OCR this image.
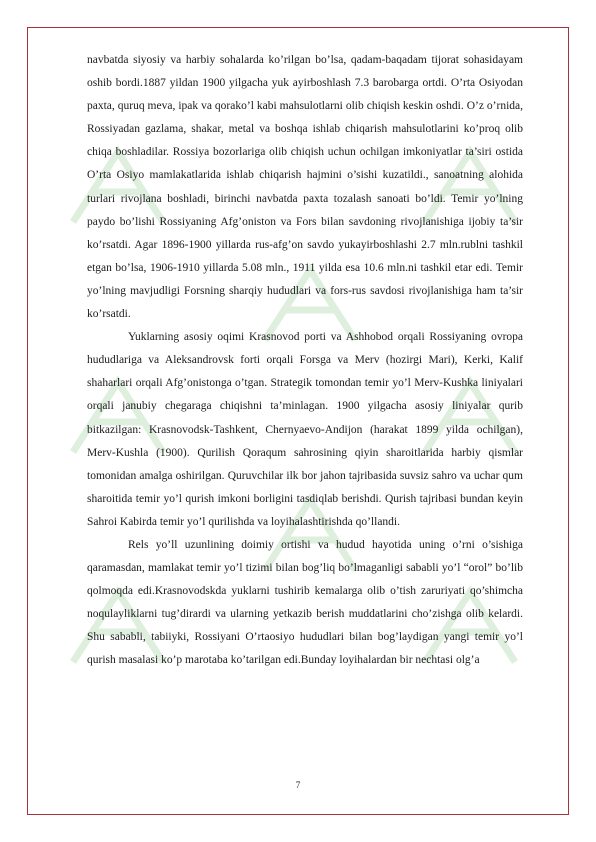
navbatda siyosiy va harbiy sohalarda ko’rilgan bo’lsa, qadam-baqadam tijorat sohasidayam oshib bordi.1887 yildan 1900 yilgacha yuk ayirboshlash 7.3 barobarga ortdi. O’rta Osiyodan paxta, quruq meva, ipak va qorako’l kabi mahsulotlarni olib chiqish keskin oshdi. O’z o’rnida, Rossiyadan gazlama, shakar, metal va boshqa ishlab chiqarish mahsulotlarini ko’proq olib chiqa boshladilar. Rossiya bozorlariga olib chiqish uchun ochilgan imkoniyatlar ta’siri ostida O’rta Osiyo mamlakatlarida ishlab chiqarish hajmini o’sishi kuzatildi., sanoatning alohida turlari rivojlana boshladi, birinchi navbatda paxta tozalash sanoati bo’ldi. Temir yo’lning paydo bo’lishi Rossiyaning Afg’oniston va Fors bilan savdoning rivojlanishiga ijobiy ta’sir ko’rsatdi. Agar 1896-1900 yillarda rus-afg’on savdo yukayirboshlashi 2.7 mln.rublni tashkil etgan bo’lsa, 1906-1910 yillarda 5.08 mln., 1911 yilda esa 10.6 mln.ni tashkil etar edi. Temir yo’lning mavjudligi Forsning sharqiy hududlari va fors-rus savdosi rivojlanishiga ham ta’sir ko’rsatdi.

Yuklarning asosiy oqimi Krasnovod porti va Ashhobod orqali Rossiyaning ovropa hududlariga va Aleksandrovsk forti orqali Forsga va Merv (hozirgi Mari), Kerki, Kalif shaharlari orqali Afg’onistonga o’tgan. Strategik tomondan temir yo’l Merv-Kushka liniyalari orqali janubiy chegaraga chiqishni ta’minlagan. 1900 yilgacha asosiy liniyalar qurib bitkazilgan: Krasnovodsk-Tashkent, Chernyaevo-Andijon (harakat 1899 yilda ochilgan), Merv-Kushla (1900). Qurilish Qoraqum sahrosining qiyin sharoitlarida harbiy qismlar tomonidan amalga oshirilgan. Quruvchilar ilk bor jahon tajribasida suvsiz sahro va uchar qum sharoitida temir yo’l qurish imkoni borligini tasdiqlab berishdi. Qurish tajribasi bundan keyin Sahroi Kabirda temir yo’l qurilishda va loyihalashtirishda qo’llandi.

Rels yo’ll uzunlining doimiy ortishi va hudud hayotida uning o’rni o’sishiga qaramasdan, mamlakat temir yo’l tizimi bilan bog’liq bo’lmaganligi sababli yo’l “orol” bo’lib qolmoqda edi.Krasnovodskda yuklarni tushirib kemalarga olib o’tish zaruriyati qo’shimcha noqulayliklarni tug’dirardi va ularning yetkazib berish muddatlarini cho’zishga olib kelardi. Shu sababli, tabiiyki, Rossiyani O’rtaosiyo hududlari bilan bog’laydigan yangi temir yo’l qurish masalasi ko’p marotaba ko’tarilgan edi.Bunday loyihalardan bir nechtasi olg’a

7
